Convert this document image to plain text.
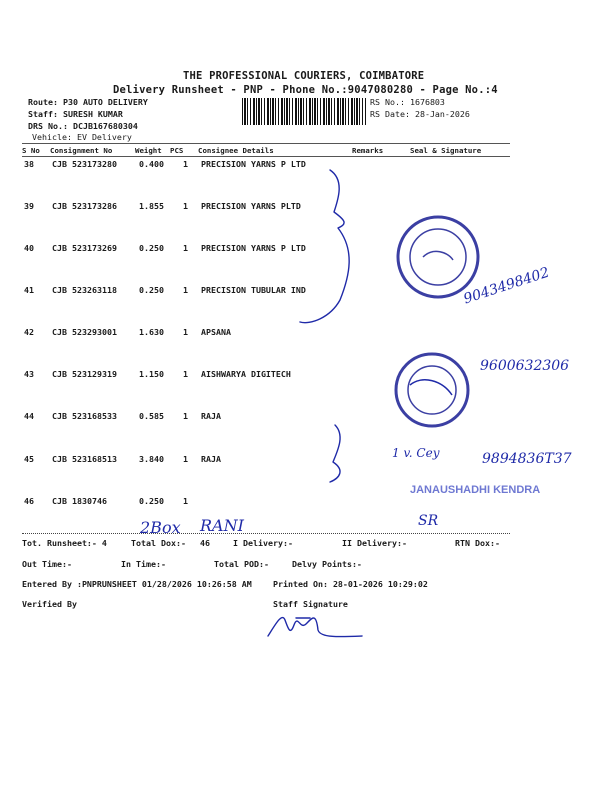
THE PROFESSIONAL COURIERS, COIMBATORE
Delivery Runsheet - PNP - Phone No.:9047080280 - Page No.:4
Route: P30 AUTO DELIVERY
Staff: SURESH KUMAR
DRS No.: DCJB167680304
Vehicle: EV Delivery
RS No.: 1676803
RS Date: 28-Jan-2026
S No Consignment No	Weight PCS Consignee Details	Remarks	Seal & Signature
38 CJB 523173280	0.400 1 PRECISION YARNS P LTD
39 CJB 523173286	1.855 1 PRECISION YARNS PLTD
40 CJB 523173269	0.250 1 PRECISION YARNS P LTD
41 CJB 523263118	0.250 1 PRECISION TUBULAR IND
42 CJB 523293001	1.630 1 APSANA
43 CJB 523129319	1.150 1 AISHWARYA DIGITECH
44 CJB 523168533	0.585 1 RAJA
45 CJB 523168513	3.840 1 RAJA
46 CJB 1830746	0.250 1
Tot. Runsheet:- 4	Total Dox:- 46	I Delivery:-	II Delivery:-	RTN Dox:-
Out Time:-	In Time:-	Total POD:-	Delvy Points:-
Entered By :PNPRUNSHEET 01/28/2026 10:26:58 AM	Printed On: 28-01-2026 10:29:02
Verified By	Staff Signature
9043498402
9600632306
1 v. Cey	9894836T37
2Box RANI	SR
JANAUSHADHI KENDRA
